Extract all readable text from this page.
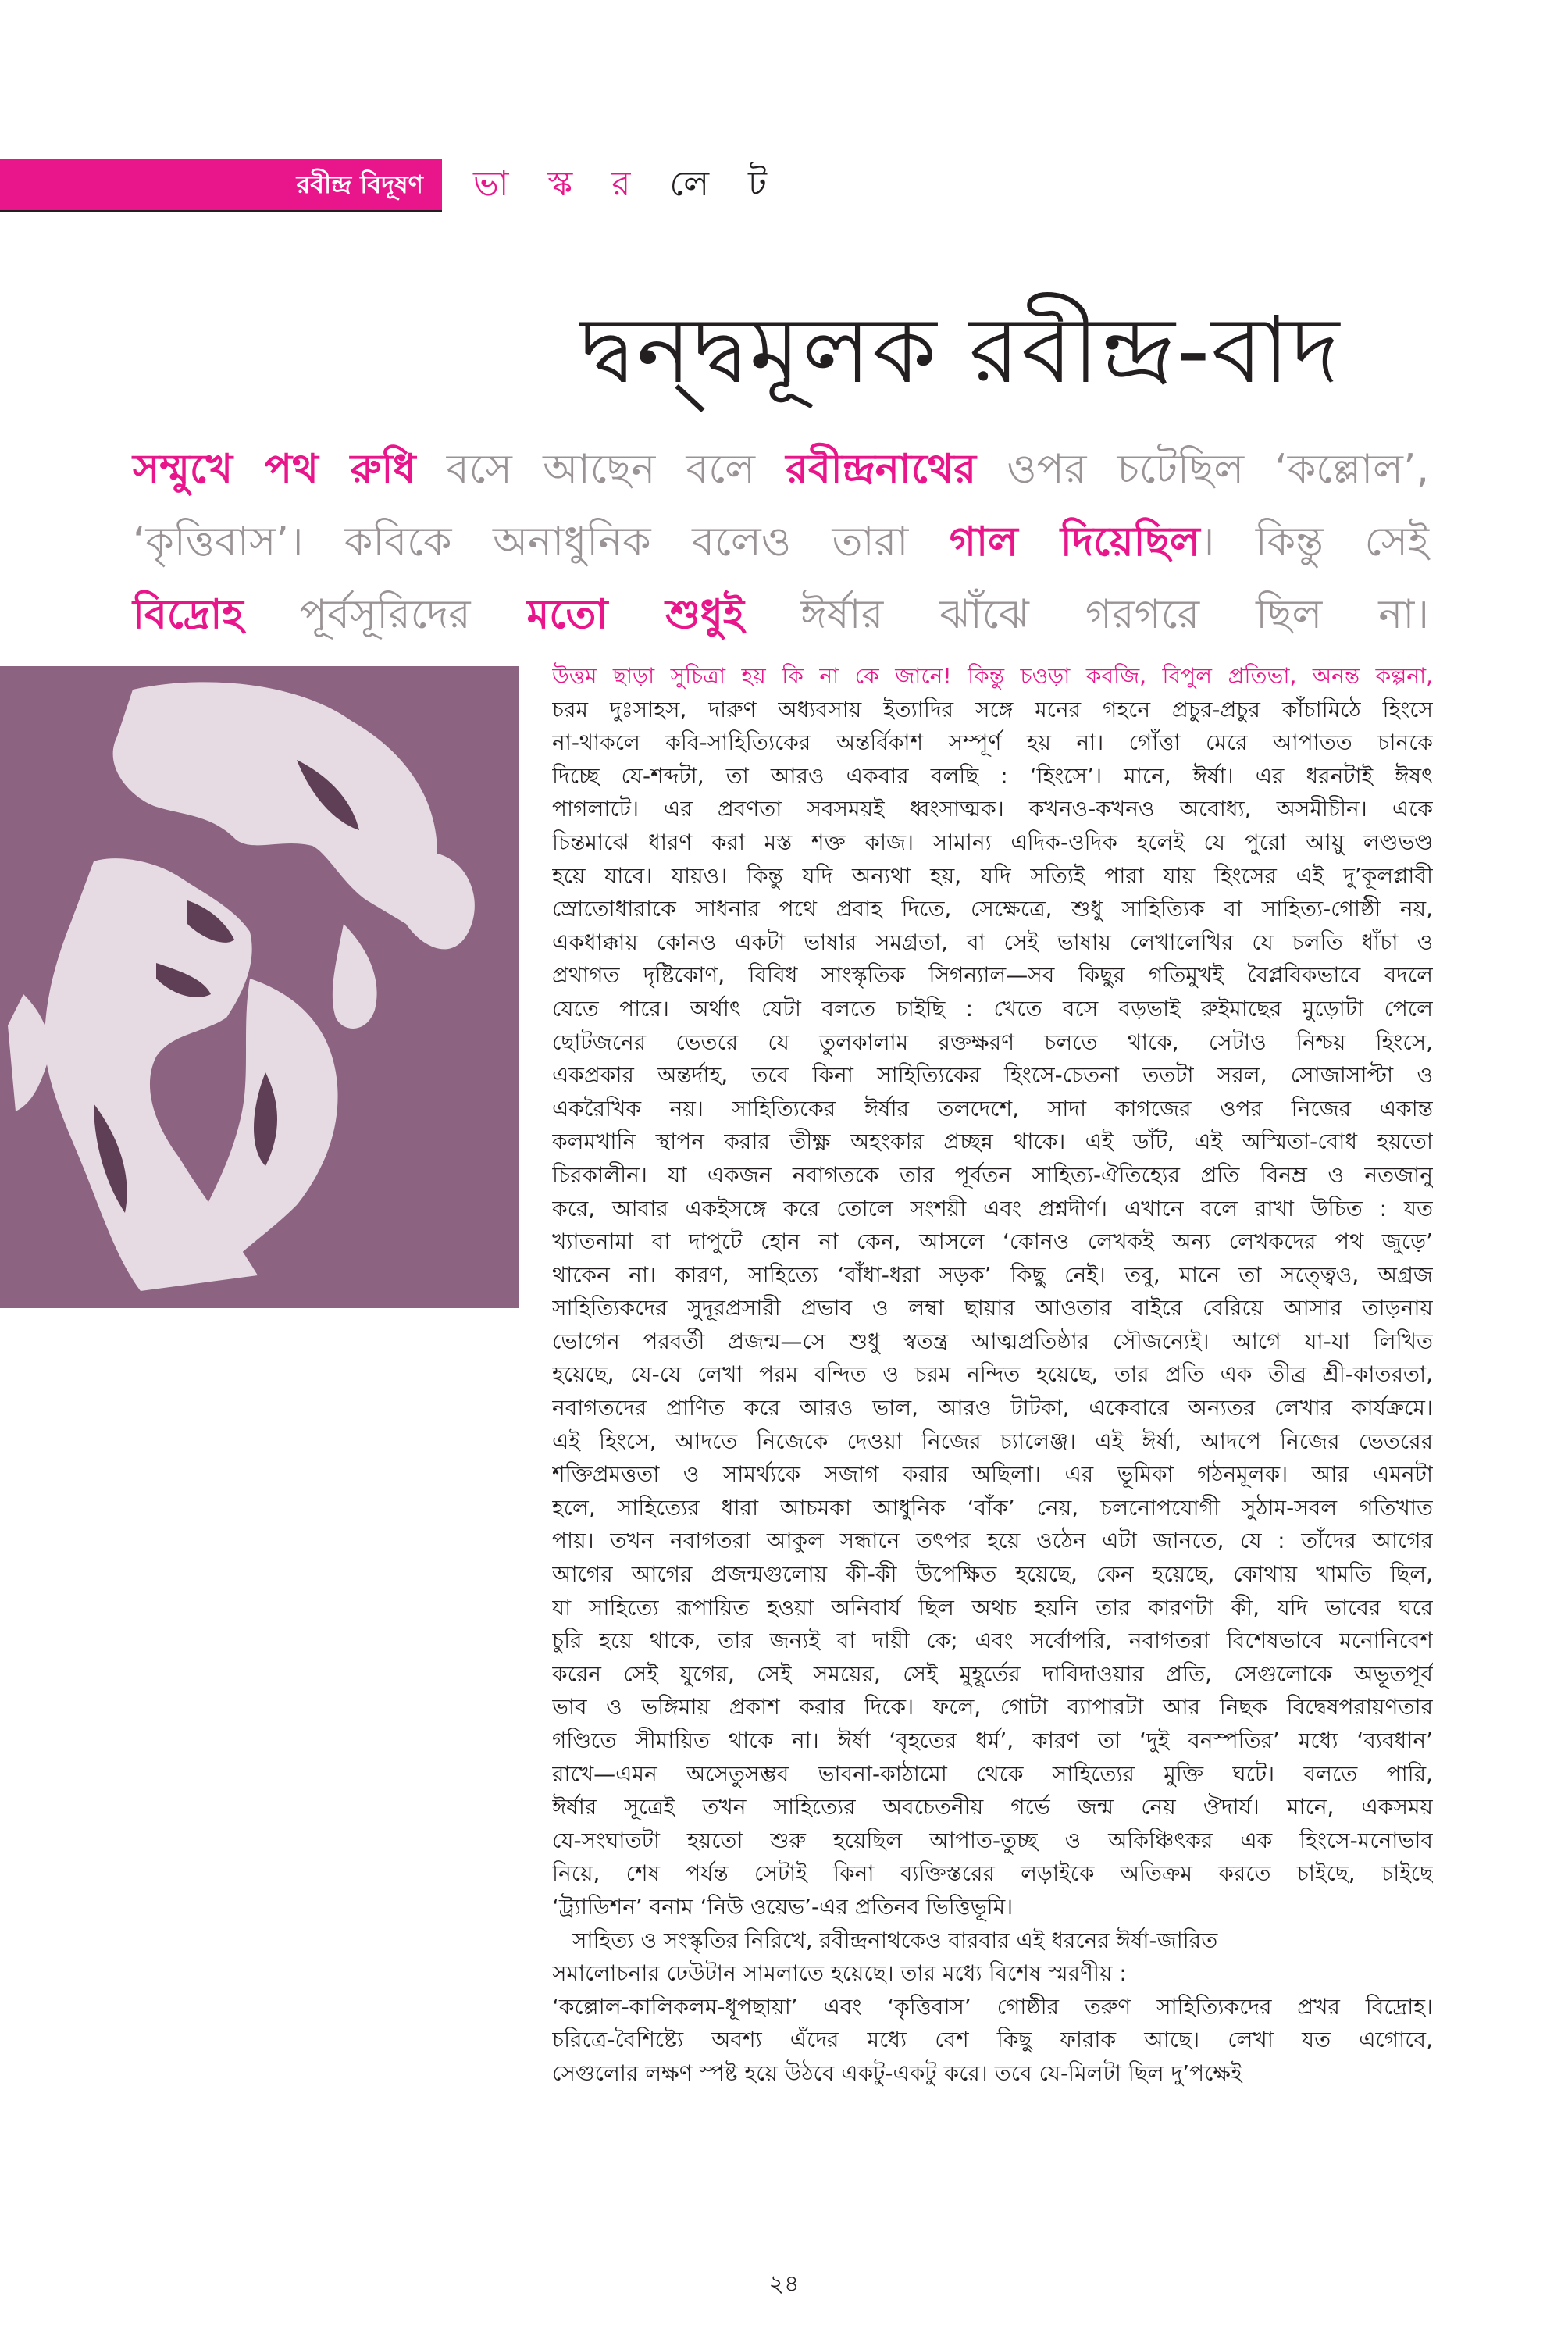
রবীন্দ্র বিদূষণ	ভা স্ক র লে ট
দ্বন্দ্বমূলক রবীন্দ্র-বাদ
সম্মুখে পথ রুধি বসে আছেন বলে রবীন্দ্রনাথের ওপর চটেছিল ‘কল্লোল’,
‘কৃত্তিবাস’। কবিকে অনাধুনিক বলেও তারা গাল দিয়েছিল। কিন্তু সেই
বিদ্রোহ পূর্বসূরিদের মতো শুধুই ঈর্ষার ঝাঁঝে গরগরে ছিল না।
উত্তম ছাড়া সুচিত্রা হয় কি না কে জানে! কিন্তু চওড়া কবজি, বিপুল প্রতিভা, অনন্ত কল্পনা,
চরম দুঃসাহস, দারুণ অধ্যবসায় ইত্যাদির সঙ্গে মনের গহনে প্রচুর-প্রচুর কাঁচামিঠে হিংসে
না-থাকলে কবি-সাহিত্যিকের অন্তর্বিকাশ সম্পূর্ণ হয় না। গোঁত্তা মেরে আপাতত চানকে
দিচ্ছে যে-শব্দটা, তা আরও একবার বলছি : ‘হিংসে’। মানে, ঈর্ষা। এর ধরনটাই ঈষৎ
পাগলাটে। এর প্রবণতা সবসময়ই ধ্বংসাত্মক। কখনও-কখনও অবোধ্য, অসমীচীন। একে
চিন্তমাঝে ধারণ করা মস্ত শক্ত কাজ। সামান্য এদিক-ওদিক হলেই যে পুরো আয়ু লণ্ডভণ্ড
হয়ে যাবে। যায়ও। কিন্তু যদি অন্যথা হয়, যদি সত্যিই পারা যায় হিংসের এই দু’কূলপ্লাবী
স্রোতোধারাকে সাধনার পথে প্রবাহ দিতে, সেক্ষেত্রে, শুধু সাহিত্যিক বা সাহিত্য-গোষ্ঠী নয়,
একধাক্কায় কোনও একটা ভাষার সমগ্রতা, বা সেই ভাষায় লেখালেখির যে চলতি ধাঁচা ও
প্রথাগত দৃষ্টিকোণ, বিবিধ সাংস্কৃতিক সিগন্যাল—সব কিছুর গতিমুখই বৈপ্লবিকভাবে বদলে
যেতে পারে। অর্থাৎ যেটা বলতে চাইছি : খেতে বসে বড়ভাই রুইমাছের মুড়োটা পেলে
ছোটজনের ভেতরে যে তুলকালাম রক্তক্ষরণ চলতে থাকে, সেটাও নিশ্চয় হিংসে,
একপ্রকার অন্তর্দাহ, তবে কিনা সাহিত্যিকের হিংসে-চেতনা ততটা সরল, সোজাসাপ্টা ও
একরৈখিক নয়। সাহিত্যিকের ঈর্ষার তলদেশে, সাদা কাগজের ওপর নিজের একান্ত
কলমখানি স্থাপন করার তীক্ষ্ণ অহংকার প্রচ্ছন্ন থাকে। এই ডাঁট, এই অস্মিতা-বোধ হয়তো
চিরকালীন। যা একজন নবাগতকে তার পূর্বতন সাহিত্য-ঐতিহ্যের প্রতি বিনম্র ও নতজানু
করে, আবার একইসঙ্গে করে তোলে সংশয়ী এবং প্রশ্নদীর্ণ। এখানে বলে রাখা উচিত : যত
খ্যাতনামা বা দাপুটে হোন না কেন, আসলে ‘কোনও লেখকই অন্য লেখকদের পথ জুড়ে’
থাকেন না। কারণ, সাহিত্যে ‘বাঁধা-ধরা সড়ক’ কিছু নেই। তবু, মানে তা সত্ত্বেও, অগ্রজ
সাহিত্যিকদের সুদূরপ্রসারী প্রভাব ও লম্বা ছায়ার আওতার বাইরে বেরিয়ে আসার তাড়নায়
ভোগেন পরবর্তী প্রজন্ম—সে শুধু স্বতন্ত্র আত্মপ্রতিষ্ঠার সৌজন্যেই। আগে যা-যা লিখিত
হয়েছে, যে-যে লেখা পরম বন্দিত ও চরম নন্দিত হয়েছে, তার প্রতি এক তীব্র শ্রী-কাতরতা,
নবাগতদের প্রাণিত করে আরও ভাল, আরও টাটকা, একেবারে অন্যতর লেখার কার্যক্রমে।
এই হিংসে, আদতে নিজেকে দেওয়া নিজের চ্যালেঞ্জ। এই ঈর্ষা, আদপে নিজের ভেতরের
শক্তিপ্রমত্ততা ও সামর্থ্যকে সজাগ করার অছিলা। এর ভূমিকা গঠনমূলক। আর এমনটা
হলে, সাহিত্যের ধারা আচমকা আধুনিক ‘বাঁক’ নেয়, চলনোপযোগী সুঠাম-সবল গতিখাত
পায়। তখন নবাগতরা আকুল সন্ধানে তৎপর হয়ে ওঠেন এটা জানতে, যে : তাঁদের আগের
আগের আগের প্রজন্মগুলোয় কী-কী উপেক্ষিত হয়েছে, কেন হয়েছে, কোথায় খামতি ছিল,
যা সাহিত্যে রূপায়িত হওয়া অনিবার্য ছিল অথচ হয়নি তার কারণটা কী, যদি ভাবের ঘরে
চুরি হয়ে থাকে, তার জন্যই বা দায়ী কে; এবং সর্বোপরি, নবাগতরা বিশেষভাবে মনোনিবেশ
করেন সেই যুগের, সেই সময়ের, সেই মুহূর্তের দাবিদাওয়ার প্রতি, সেগুলোকে অভূতপূর্ব
ভাব ও ভঙ্গিমায় প্রকাশ করার দিকে। ফলে, গোটা ব্যাপারটা আর নিছক বিদ্বেষপরায়ণতার
গণ্ডিতে সীমায়িত থাকে না। ঈর্ষা ‘বৃহতের ধর্ম’, কারণ তা ‘দুই বনস্পতির’ মধ্যে ‘ব্যবধান’
রাখে—এমন অসেতুসম্ভব ভাবনা-কাঠামো থেকে সাহিত্যের মুক্তি ঘটে। বলতে পারি,
ঈর্ষার সূত্রেই তখন সাহিত্যের অবচেতনীয় গর্ভে জন্ম নেয় ঔদার্য। মানে, একসময়
যে-সংঘাতটা হয়তো শুরু হয়েছিল আপাত-তুচ্ছ ও অকিঞ্চিৎকর এক হিংসে-মনোভাব
নিয়ে, শেষ পর্যন্ত সেটাই কিনা ব্যক্তিস্তরের লড়াইকে অতিক্রম করতে চাইছে, চাইছে
‘ট্র্যাডিশন’ বনাম ‘নিউ ওয়েভ’-এর প্রতিনব ভিত্তিভূমি।
সাহিত্য ও সংস্কৃতির নিরিখে, রবীন্দ্রনাথকেও বারবার এই ধরনের ঈর্ষা-জারিত
সমালোচনার ঢেউটান সামলাতে হয়েছে। তার মধ্যে বিশেষ স্মরণীয় :
‘কল্লোল-কালিকলম-ধূপছায়া’ এবং ‘কৃত্তিবাস’ গোষ্ঠীর তরুণ সাহিত্যিকদের প্রখর বিদ্রোহ।
চরিত্রে-বৈশিষ্ট্যে অবশ্য এঁদের মধ্যে বেশ কিছু ফারাক আছে। লেখা যত এগোবে,
সেগুলোর লক্ষণ স্পষ্ট হয়ে উঠবে একটু-একটু করে। তবে যে-মিলটা ছিল দু’পক্ষেই
২৪
